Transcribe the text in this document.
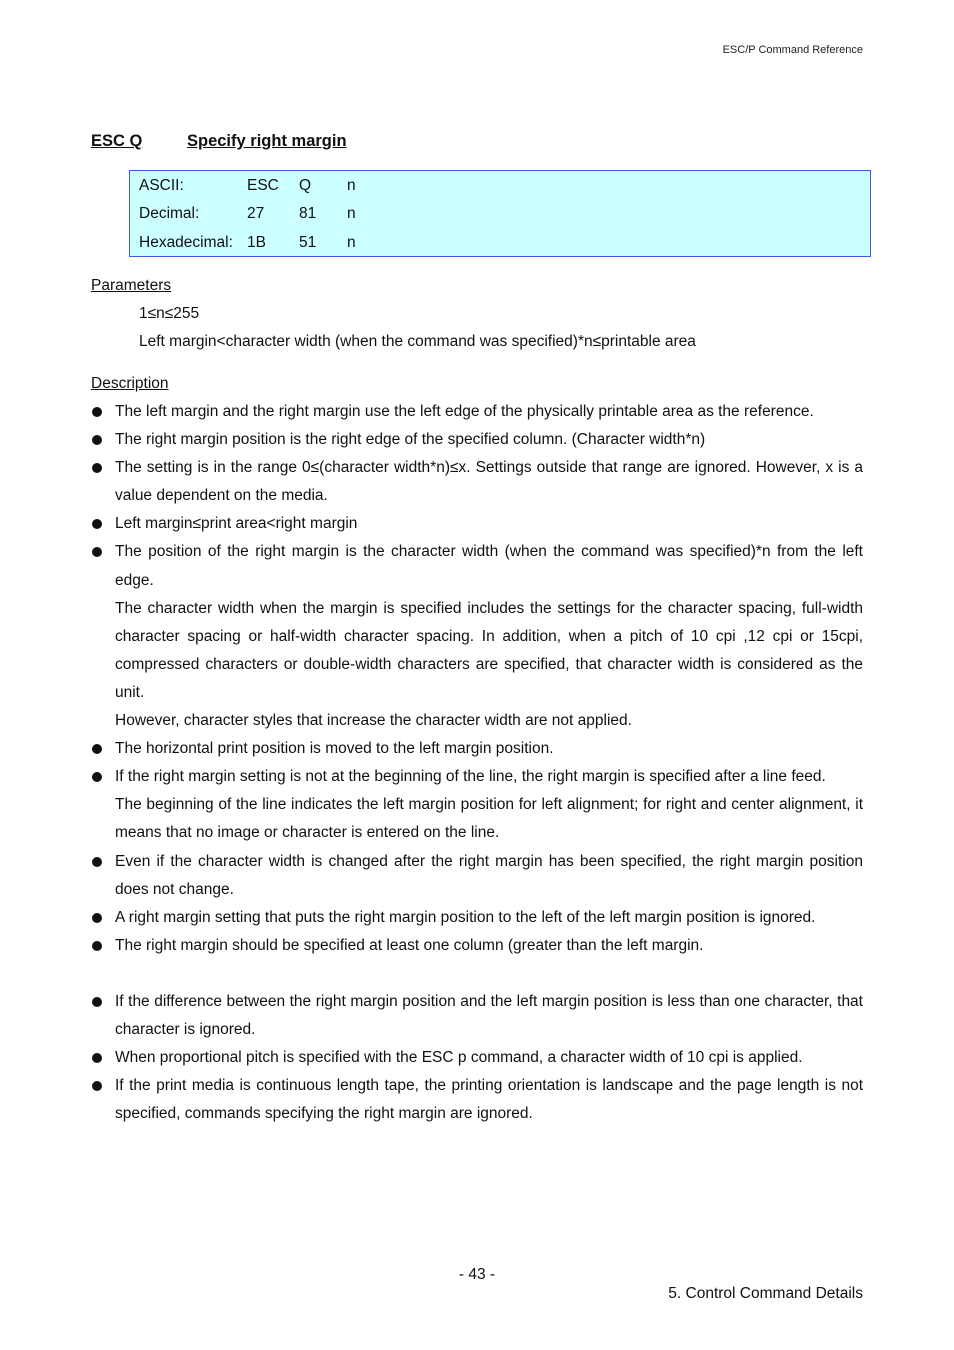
ESC/P Command Reference
ESC Q	Specify right margin
ASCII:	ESC Q n
Decimal:	27 81 n
Hexadecimal: 1B 51 n
Parameters
1≤n≤255
Left margin<character width (when the command was specified)*n≤printable area
Description

The left margin and the right margin use the left edge of the physically printable area as the reference.

The right margin position is the right edge of the specified column. (Character width*n)

The setting is in the range 0≤(character width*n)≤x. Settings outside that range are ignored. However, x is a value dependent on the media.

Left margin≤print area<right margin

The position of the right margin is the character width (when the command was specified)*n from the left edge.

The character width when the margin is specified includes the settings for the character spacing, full-width character spacing or half-width character spacing. In addition, when a pitch of 10 cpi ,12 cpi or 15cpi, compressed characters or double-width characters are specified, that character width is considered as the unit.

However, character styles that increase the character width are not applied.

The horizontal print position is moved to the left margin position.

If the right margin setting is not at the beginning of the line, the right margin is specified after a line feed.

The beginning of the line indicates the left margin position for left alignment; for right and center alignment, it means that no image or character is entered on the line.

Even if the character width is changed after the right margin has been specified, the right margin position does not change.

A right margin setting that puts the right margin position to the left of the left margin position is ignored.

The right margin should be specified at least one column (greater than the left margin.

If the difference between the right margin position and the left margin position is less than one character, that character is ignored.

When proportional pitch is specified with the ESC p command, a character width of 10 cpi is applied.

If the print media is continuous length tape, the printing orientation is landscape and the page length is not specified, commands specifying the right margin are ignored.

- 43 -
5. Control Command Details
